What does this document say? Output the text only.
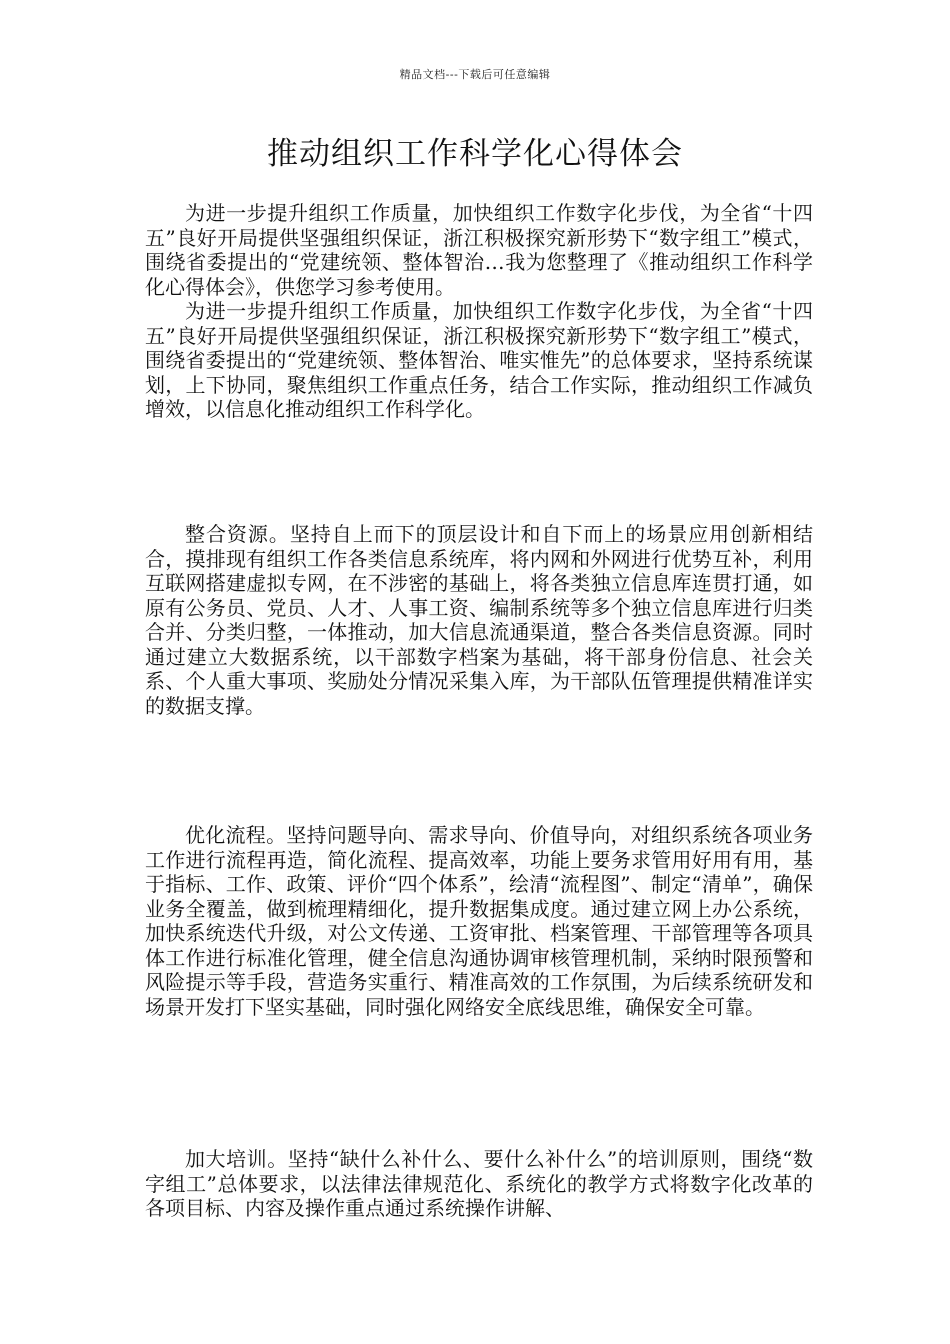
精品文档---下载后可任意编辑
推动组织工作科学化心得体会

为进一步提升组织工作质量，加快组织工作数字化步伐，为全省“十四五”良好开局提供坚强组织保证，浙江积极探究新形势下“数字组工”模式，围绕省委提出的“党建统领、整体智治…我为您整理了《推动组织工作科学化心得体会》，供您学习参考使用。

为进一步提升组织工作质量，加快组织工作数字化步伐，为全省“十四五”良好开局提供坚强组织保证，浙江积极探究新形势下“数字组工”模式，围绕省委提出的“党建统领、整体智治、唯实惟先”的总体要求，坚持系统谋划，上下协同，聚焦组织工作重点任务，结合工作实际，推动组织工作减负增效，以信息化推动组织工作科学化。

整合资源。坚持自上而下的顶层设计和自下而上的场景应用创新相结合，摸排现有组织工作各类信息系统库，将内网和外网进行优势互补，利用互联网搭建虚拟专网，在不涉密的基础上，将各类独立信息库连贯打通，如原有公务员、党员、人才、人事工资、编制系统等多个独立信息库进行归类合并、分类归整，一体推动，加大信息流通渠道，整合各类信息资源。同时通过建立大数据系统，以干部数字档案为基础，将干部身份信息、社会关系、个人重大事项、奖励处分情况采集入库，为干部队伍管理提供精准详实的数据支撑。

优化流程。坚持问题导向、需求导向、价值导向，对组织系统各项业务工作进行流程再造，简化流程、提高效率，功能上要务求管用好用有用，基于指标、工作、政策、评价“四个体系”，绘清“流程图”、制定“清单”，确保业务全覆盖，做到梳理精细化，提升数据集成度。通过建立网上办公系统，加快系统迭代升级，对公文传递、工资审批、档案管理、干部管理等各项具体工作进行标准化管理，健全信息沟通协调审核管理机制，采纳时限预警和风险提示等手段，营造务实重行、精准高效的工作氛围，为后续系统研发和场景开发打下坚实基础，同时强化网络安全底线思维，确保安全可靠。

加大培训。坚持“缺什么补什么、要什么补什么”的培训原则，围绕“数字组工”总体要求，以法律法律规范化、系统化的教学方式将数字化改革的各项目标、内容及操作重点通过系统操作讲解、
